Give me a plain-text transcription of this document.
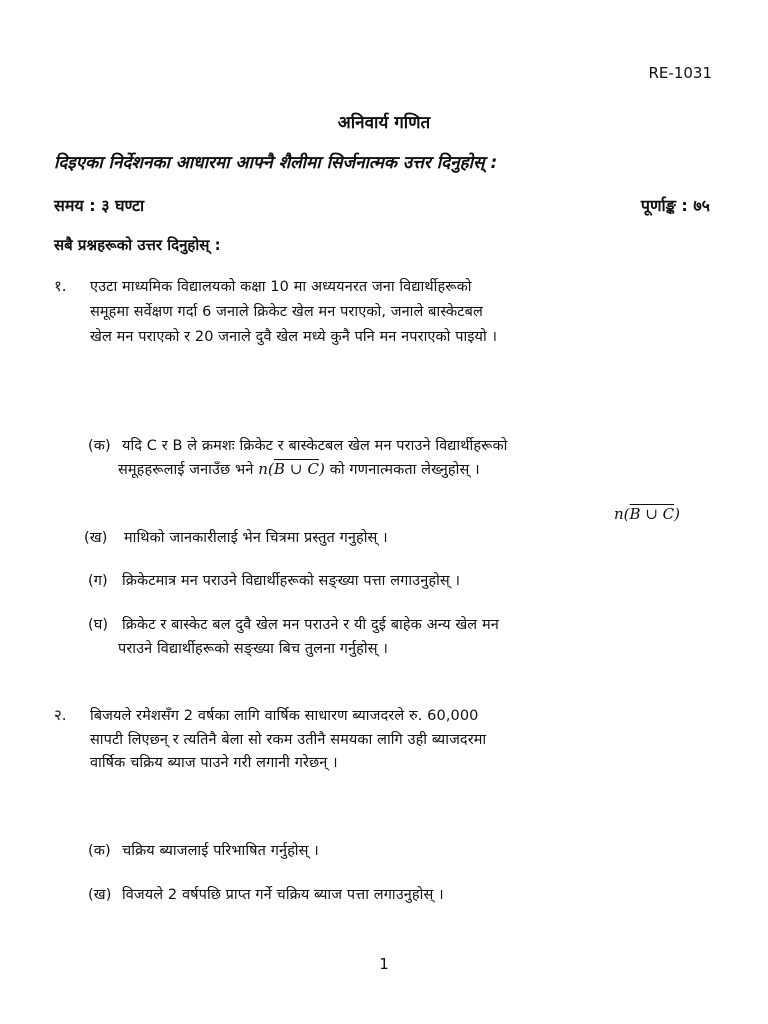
RE-1031
अनिवार्य गणित
दिइएका निर्देशनका आधारमा आफ्नै शैलीमा सिर्जनात्मक उत्तर दिनुहोस् :
समय : ३ घण्टा	पूर्णाङ्क : ७५
सबै प्रश्नहरूको उत्तर दिनुहोस् :
१. एउटा माध्यमिक विद्यालयको कक्षा 10 मा अध्ययनरत जना विद्यार्थीहरूको
समूहमा सर्वेक्षण गर्दा 6 जनाले क्रिकेट खेल मन पराएको, जनाले बास्केटबल
खेल मन पराएको र 20 जनाले दुवै खेल मध्ये कुनै पनि मन नपराएको पाइयो ।
(क) यदि C र B ले क्रमशः क्रिकेट र बास्केटबल खेल मन पराउने विद्यार्थीहरूको
समूहहरूलाई जनाउँछ भने n(B ∪ C) को गणनात्मकता लेख्नुहोस् ।
n(B ∪ C)
(ख) माथिको जानकारीलाई भेन चित्रमा प्रस्तुत गनुहोस् ।
(ग) क्रिकेटमात्र मन पराउने विद्यार्थीहरूको सङ्ख्या पत्ता लगाउनुहोस् ।
(घ) क्रिकेट र बास्केट बल दुवै खेल मन पराउने र यी दुई बाहेक अन्य खेल मन
पराउने विद्यार्थीहरूको सङ्ख्या बिच तुलना गर्नुहोस् ।
२. बिजयले रमेशसँग 2 वर्षका लागि वार्षिक साधारण ब्याजदरले रु. 60,000
सापटी लिएछन् र त्यतिनै बेला सो रकम उतीनै समयका लागि उही ब्याजदरमा
वार्षिक चक्रिय ब्याज पाउने गरी लगानी गरेछन् ।
(क) चक्रिय ब्याजलाई परिभाषित गर्नुहोस् ।
(ख) विजयले 2 वर्षपछि प्राप्त गर्ने चक्रिय ब्याज पत्ता लगाउनुहोस् ।
1
